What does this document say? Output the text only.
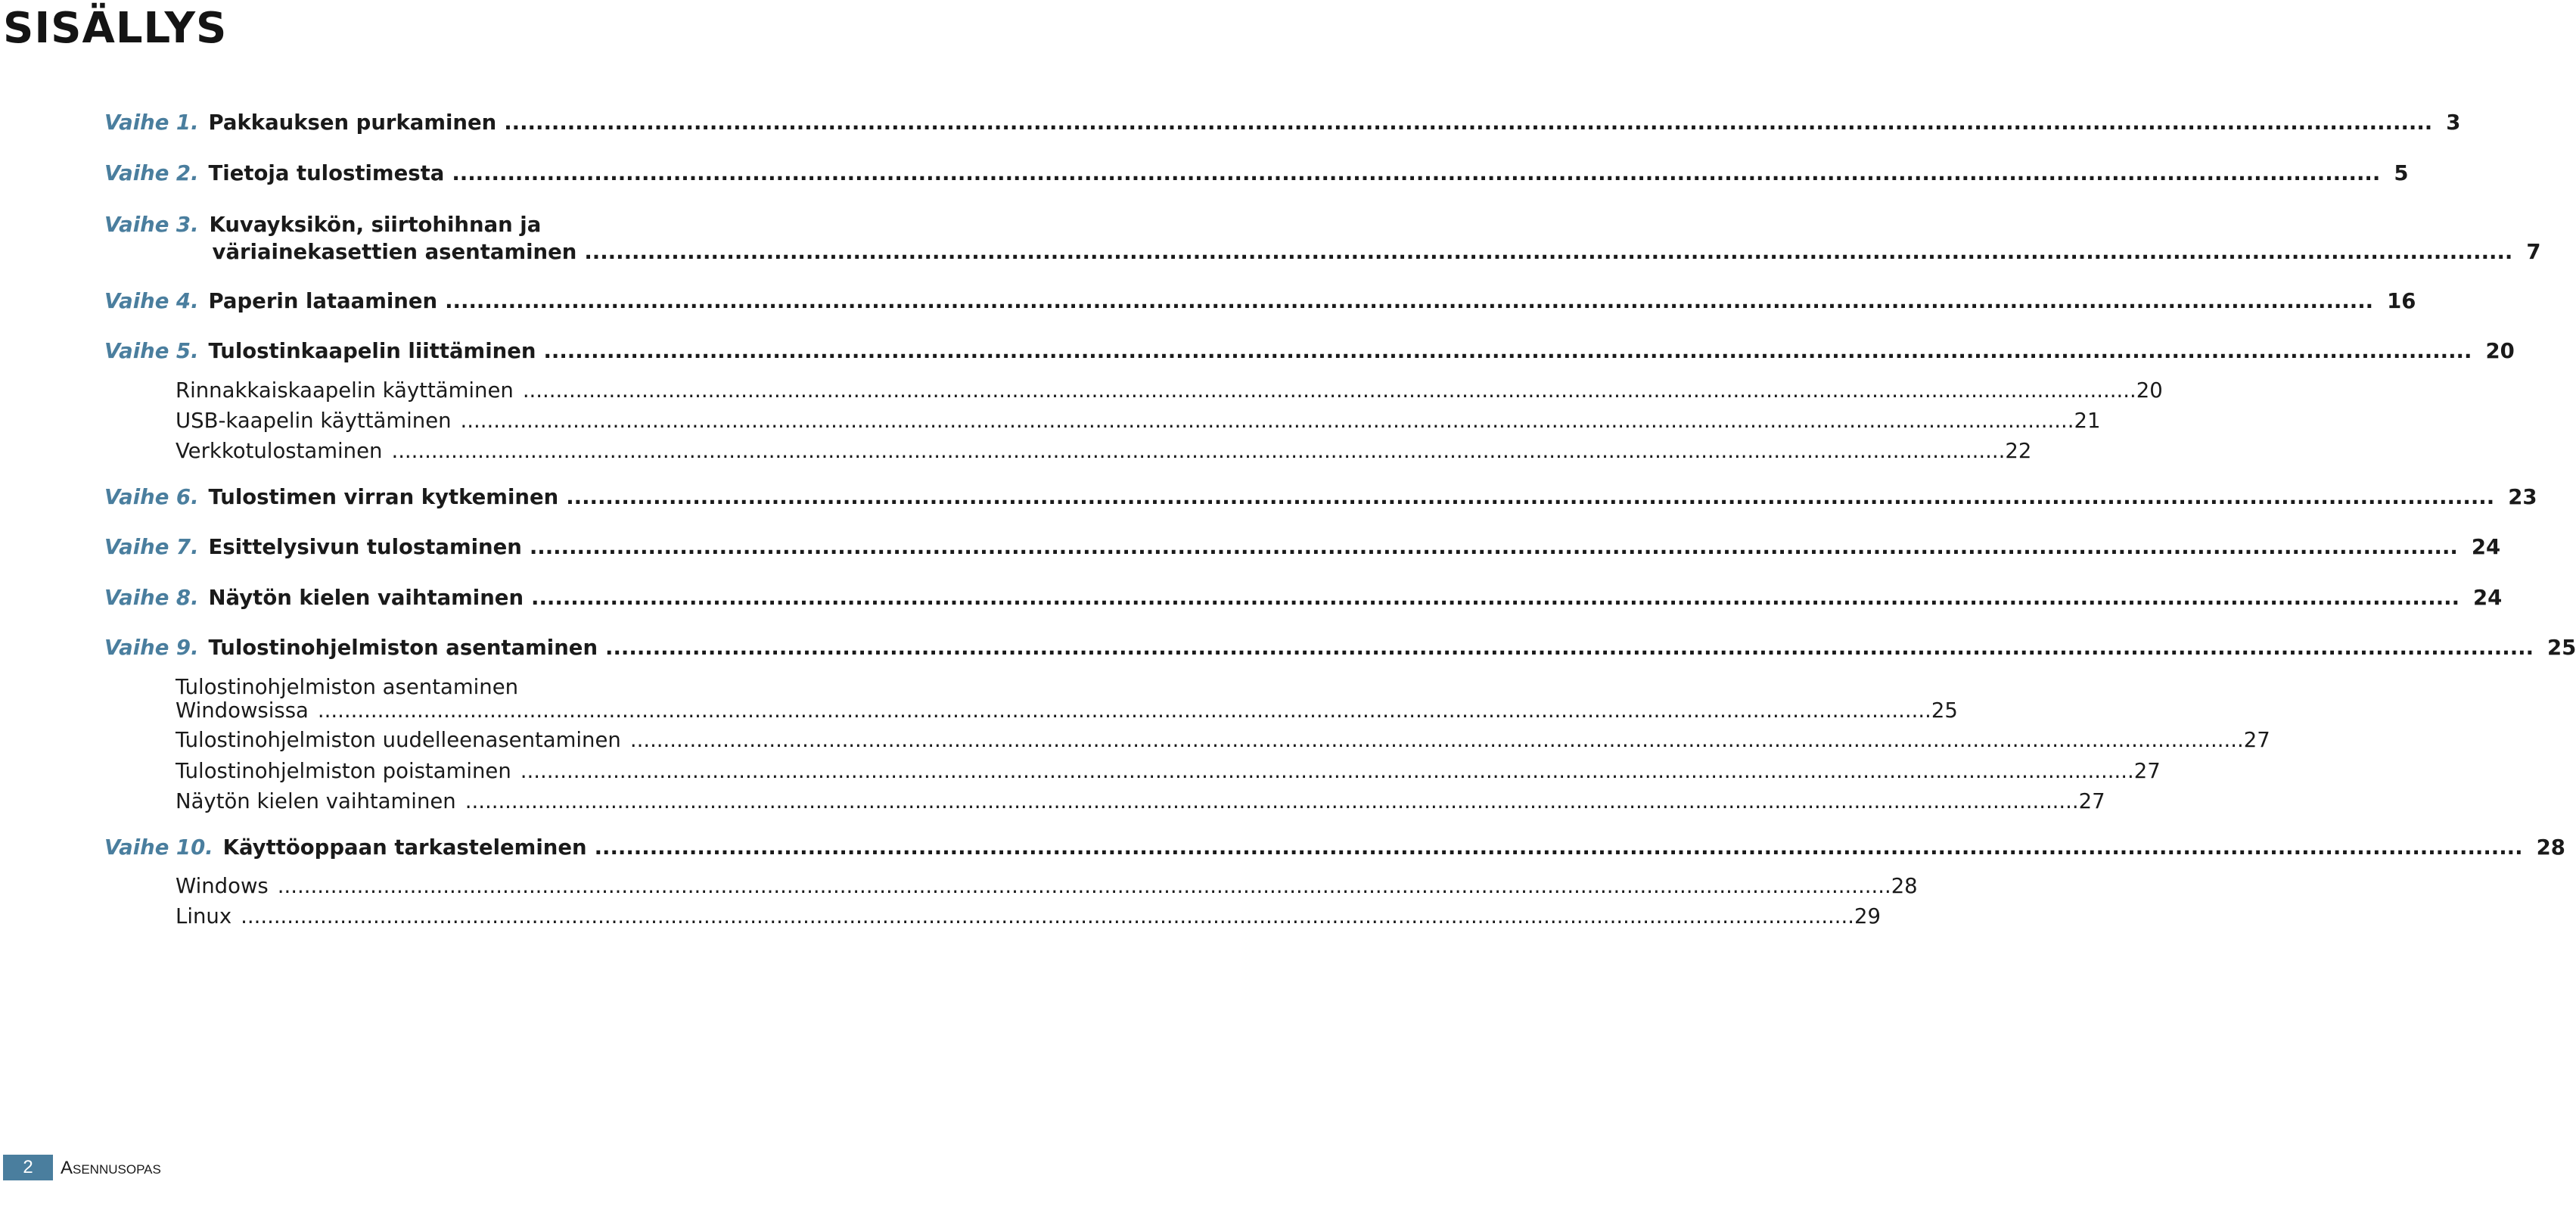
SISÄLLYS
Vaihe 1. Pakkauksen purkaminen .....	3
Vaihe 2. Tietoja tulostimesta .....	5
Vaihe 3. Kuvayksikön, siirtohihnan ja
väriainekasettien asentaminen .....	7
Vaihe 4. Paperin lataaminen .....	16
Vaihe 5. Tulostinkaapelin liittäminen .....	20
Rinnakkaiskaapelin käyttäminen .....	20
USB-kaapelin käyttäminen .....	21
Verkkotulostaminen .....	22
Vaihe 6. Tulostimen virran kytkeminen .....	23
Vaihe 7. Esittelysivun tulostaminen .....	24
Vaihe 8. Näytön kielen vaihtaminen .....	24
Vaihe 9. Tulostinohjelmiston asentaminen .....	25
Tulostinohjelmiston asentaminen
Windowsissa .....	25
Tulostinohjelmiston uudelleenasentaminen .....	27
Tulostinohjelmiston poistaminen .....	27
Näytön kielen vaihtaminen .....	27
Vaihe 10. Käyttöoppaan tarkasteleminen .....	28
Windows .....	28
Linux .....	29
2	Asennusopas
